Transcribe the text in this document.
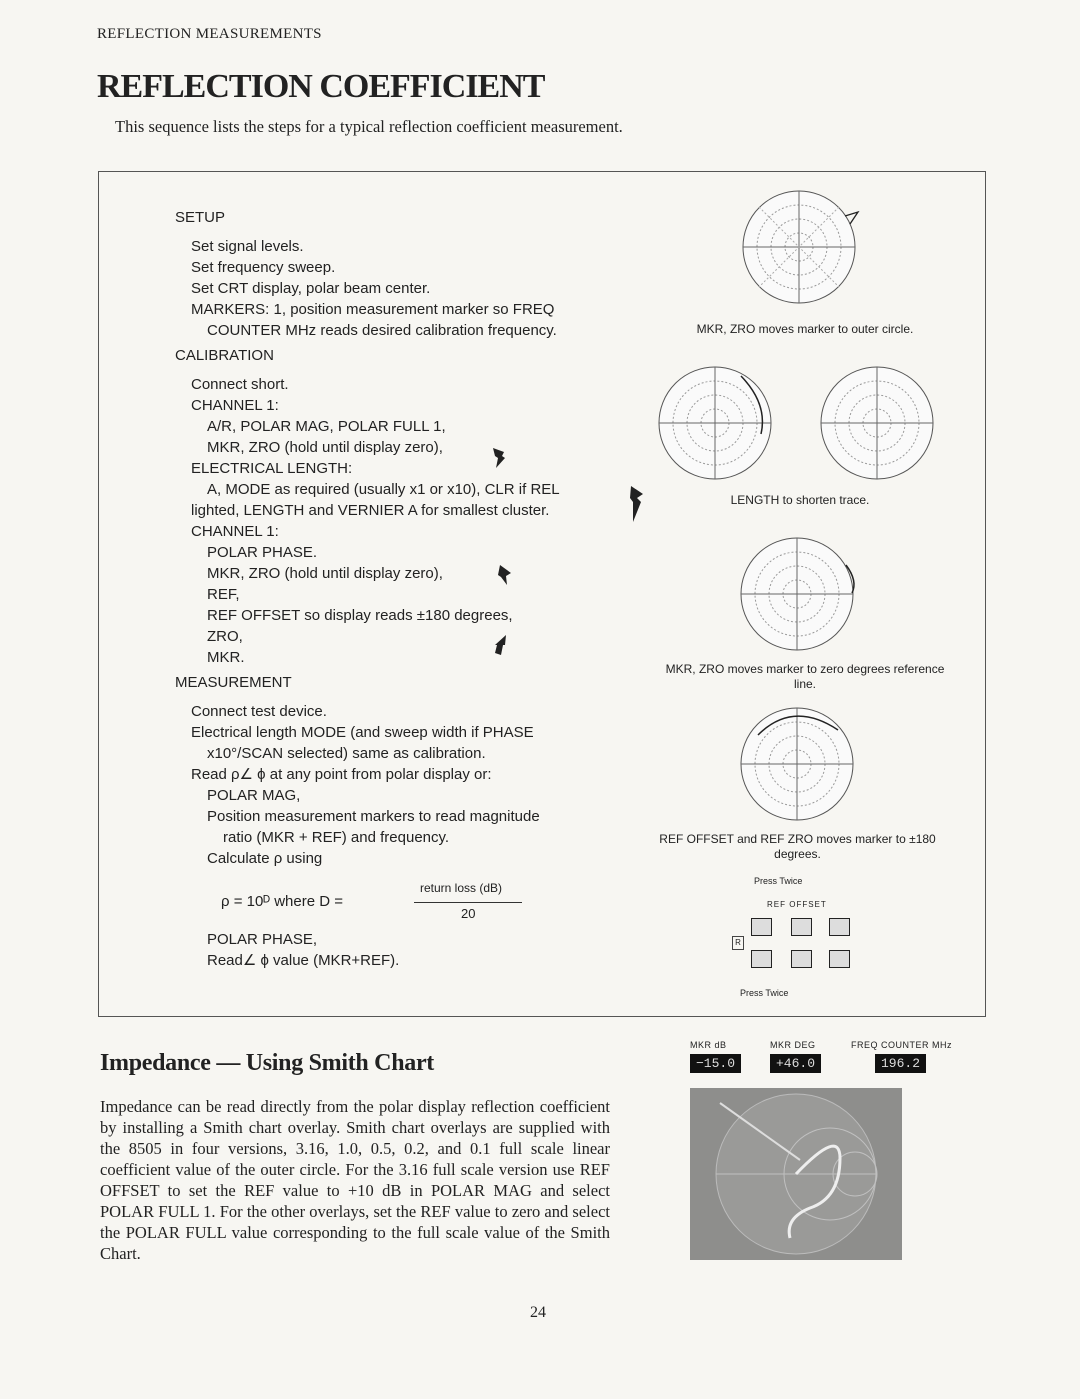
REFLECTION MEASUREMENTS
REFLECTION COEFFICIENT
This sequence lists the steps for a typical reflection coefficient measurement.
SETUP
Set signal levels.
Set frequency sweep.
Set CRT display, polar beam center.
MARKERS: 1, position measurement marker so FREQ
COUNTER MHz reads desired calibration frequency.
CALIBRATION
Connect short.
CHANNEL 1:
A/R, POLAR MAG, POLAR FULL 1,
MKR, ZRO (hold until display zero),
ELECTRICAL LENGTH:
A, MODE as required (usually x1 or x10), CLR if REL
lighted, LENGTH and VERNIER A for smallest cluster.
CHANNEL 1:
POLAR PHASE.
MKR, ZRO (hold until display zero),
REF,
REF OFFSET so display reads ±180 degrees,
ZRO,
MKR.
MEASUREMENT
Connect test device.
Electrical length MODE (and sweep width if PHASE
x10°/SCAN selected) same as calibration.
Read ρ∠ ϕ at any point from polar display or:
POLAR MAG,
Position measurement markers to read magnitude
ratio (MKR + REF) and frequency.
Calculate ρ using
ρ = 10ᴰ where D =
return loss (dB)
20
POLAR PHASE,
Read∠ ϕ value (MKR+REF).
MKR, ZRO moves marker to outer circle.
LENGTH to shorten trace.
MKR, ZRO moves marker to zero degrees reference line.
REF OFFSET and REF ZRO moves marker to ±180 degrees.
Press Twice
REF OFFSET
R
Press Twice
MKR dB	MKR DEG	FREQ COUNTER MHz
−15.0	+46.0	196.2
Impedance — Using Smith Chart
Impedance can be read directly from the polar display reflection coefficient by installing a Smith chart overlay. Smith chart overlays are supplied with the 8505 in four versions, 3.16, 1.0, 0.5, 0.2, and 0.1 full scale linear coefficient value of the outer circle. For the 3.16 full scale version use REF OFFSET to set the REF value to +10 dB in POLAR MAG and select POLAR FULL 1. For the other overlays, set the REF value to zero and select the POLAR FULL value corresponding to the full scale value of the Smith Chart.
24
